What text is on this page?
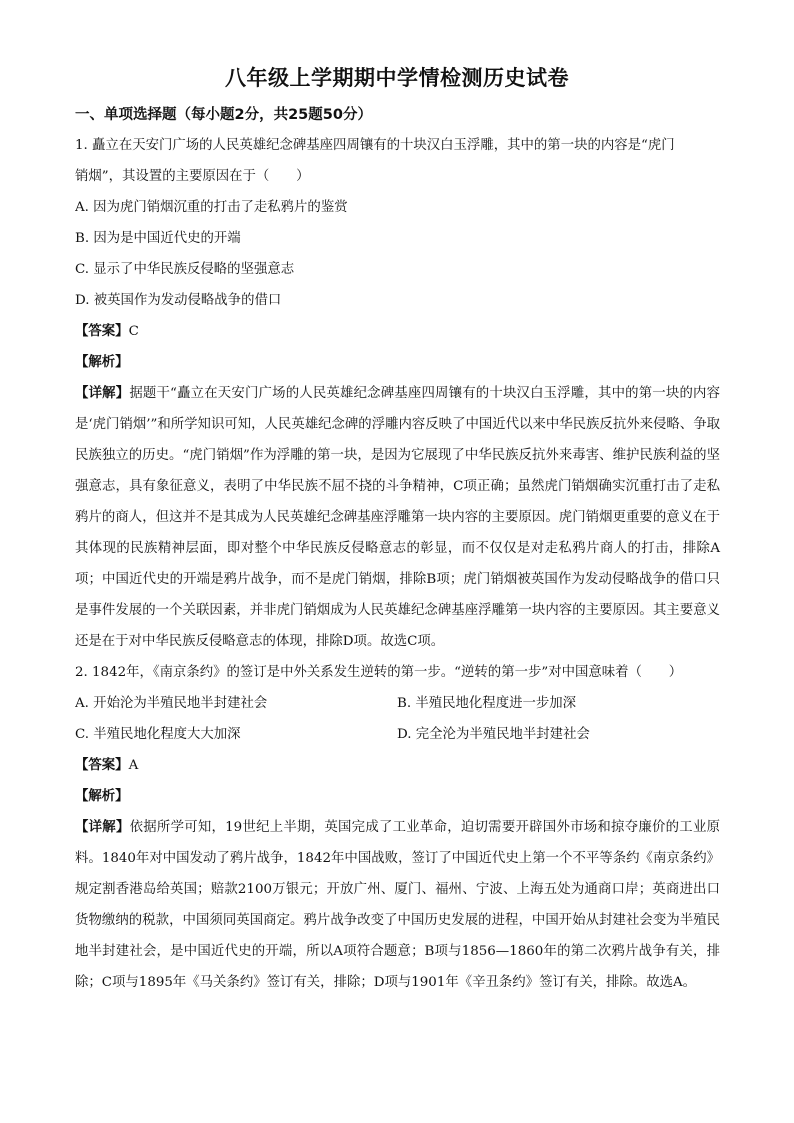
八年级上学期期中学情检测历史试卷
一、单项选择题（每小题2分，共25题50分）
1. 矗立在天安门广场的人民英雄纪念碑基座四周镶有的十块汉白玉浮雕，其中的第一块的内容是“虎门
销烟”，其设置的主要原因在于（　　）
A. 因为虎门销烟沉重的打击了走私鸦片的鉴赏
B. 因为是中国近代史的开端
C. 显示了中华民族反侵略的坚强意志
D. 被英国作为发动侵略战争的借口
【答案】C
【解析】
【详解】据题干“矗立在天安门广场的人民英雄纪念碑基座四周镶有的十块汉白玉浮雕，其中的第一块的内容是‘虎门销烟’”和所学知识可知，人民英雄纪念碑的浮雕内容反映了中国近代以来中华民族反抗外来侵略、争取民族独立的历史。“虎门销烟”作为浮雕的第一块，是因为它展现了中华民族反抗外来毒害、维护民族利益的坚强意志，具有象征意义，表明了中华民族不屈不挠的斗争精神，C项正确；虽然虎门销烟确实沉重打击了走私鸦片的商人，但这并不是其成为人民英雄纪念碑基座浮雕第一块内容的主要原因。虎门销烟更重要的意义在于其体现的民族精神层面，即对整个中华民族反侵略意志的彰显，而不仅仅是对走私鸦片商人的打击，排除A项；中国近代史的开端是鸦片战争，而不是虎门销烟，排除B项；虎门销烟被英国作为发动侵略战争的借口只是事件发展的一个关联因素，并非虎门销烟成为人民英雄纪念碑基座浮雕第一块内容的主要原因。其主要意义还是在于对中华民族反侵略意志的体现，排除D项。故选C项。
2. 1842年，《南京条约》的签订是中外关系发生逆转的第一步。“逆转的第一步”对中国意味着（　　）
A. 开始沦为半殖民地半封建社会	B. 半殖民地化程度进一步加深
C. 半殖民地化程度大大加深	D. 完全沦为半殖民地半封建社会
【答案】A
【解析】
【详解】依据所学可知，19世纪上半期，英国完成了工业革命，迫切需要开辟国外市场和掠夺廉价的工业原料。1840年对中国发动了鸦片战争，1842年中国战败，签订了中国近代史上第一个不平等条约《南京条约》规定割香港岛给英国；赔款2100万银元；开放广州、厦门、福州、宁波、上海五处为通商口岸；英商进出口货物缴纳的税款，中国须同英国商定。鸦片战争改变了中国历史发展的进程，中国开始从封建社会变为半殖民地半封建社会，是中国近代史的开端，所以A项符合题意；B项与1856—1860年的第二次鸦片战争有关，排除；C项与1895年《马关条约》签订有关，排除；D项与1901年《辛丑条约》签订有关，排除。故选A。
